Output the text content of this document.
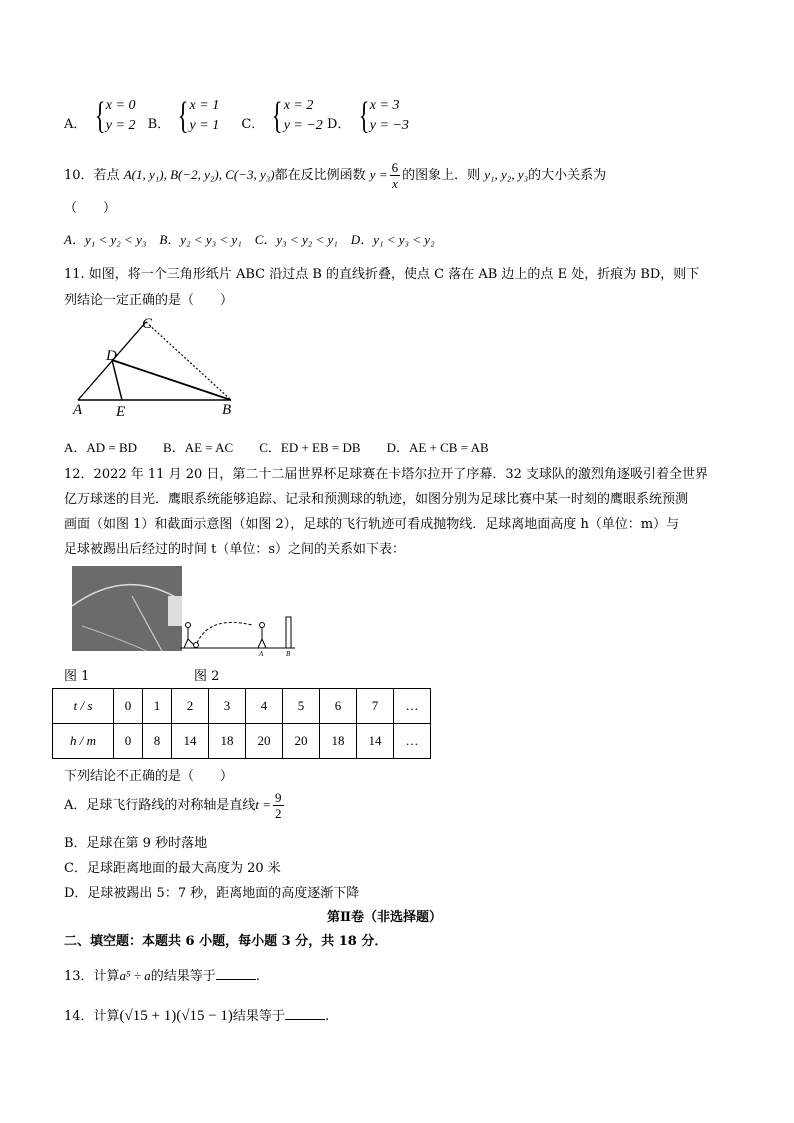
A． { x = 0
y = 2 B． { x = 1
y = 1 C． { x = 2
y = −2 D． { x = 3
y = −3
10．若点 A(1, y₁), B(−2, y₂), C(−3, y₃)都在反比例函数 $y = \frac{6}{x}$ 的图象上．则 y₁, y₂, y₃的大小关系为
（　　）
A．y₁ < y₂ < y₃　B．y₂ < y₃ < y₁　C．y₃ < y₂ < y₁　D．y₁ < y₃ < y₂
11. 如图，将一个三角形纸片 ABC 沿过点 B 的直线折叠，使点 C 落在 AB 边上的点 E 处，折痕为 BD，则下
列结论一定正确的是（　　）
C
D
A E	B
A．AD = BD　　B．AE = AC　　C．ED + EB = DB　　D．AE + CB = AB
12．2022 年 11 月 20 日，第二十二届世界杯足球赛在卡塔尔拉开了序幕．32 支球队的激烈角逐吸引着全世界
亿万球迷的目光．鹰眼系统能够追踪、记录和预测球的轨迹，如图分别为足球比赛中某一时刻的鹰眼系统预测
画面（如图 1）和截面示意图（如图 2），足球的飞行轨迹可看成抛物线．足球离地面高度 h（单位：m）与
足球被踢出后经过的时间 t（单位：s）之间的关系如下表：
A	B
图 1	图 2
t / s	0	1	2	3	4	5	6	7	…
h / m	0	8	14	18	20	20	18	14	…
下列结论不正确的是（　　）
A．足球飞行路线的对称轴是直线$t = \frac{9}{2}$
B．足球在第 9 秒时落地
C．足球距离地面的最大高度为 20 米
D．足球被踢出 5：7 秒，距离地面的高度逐渐下降
第Ⅱ卷（非选择题）
二、填空题：本题共 6 小题，每小题 3 分，共 18 分．
13．计算a⁵ ÷ a的结果等于	.
14．计算(√15 + 1)(√15 − 1)结果等于	.
